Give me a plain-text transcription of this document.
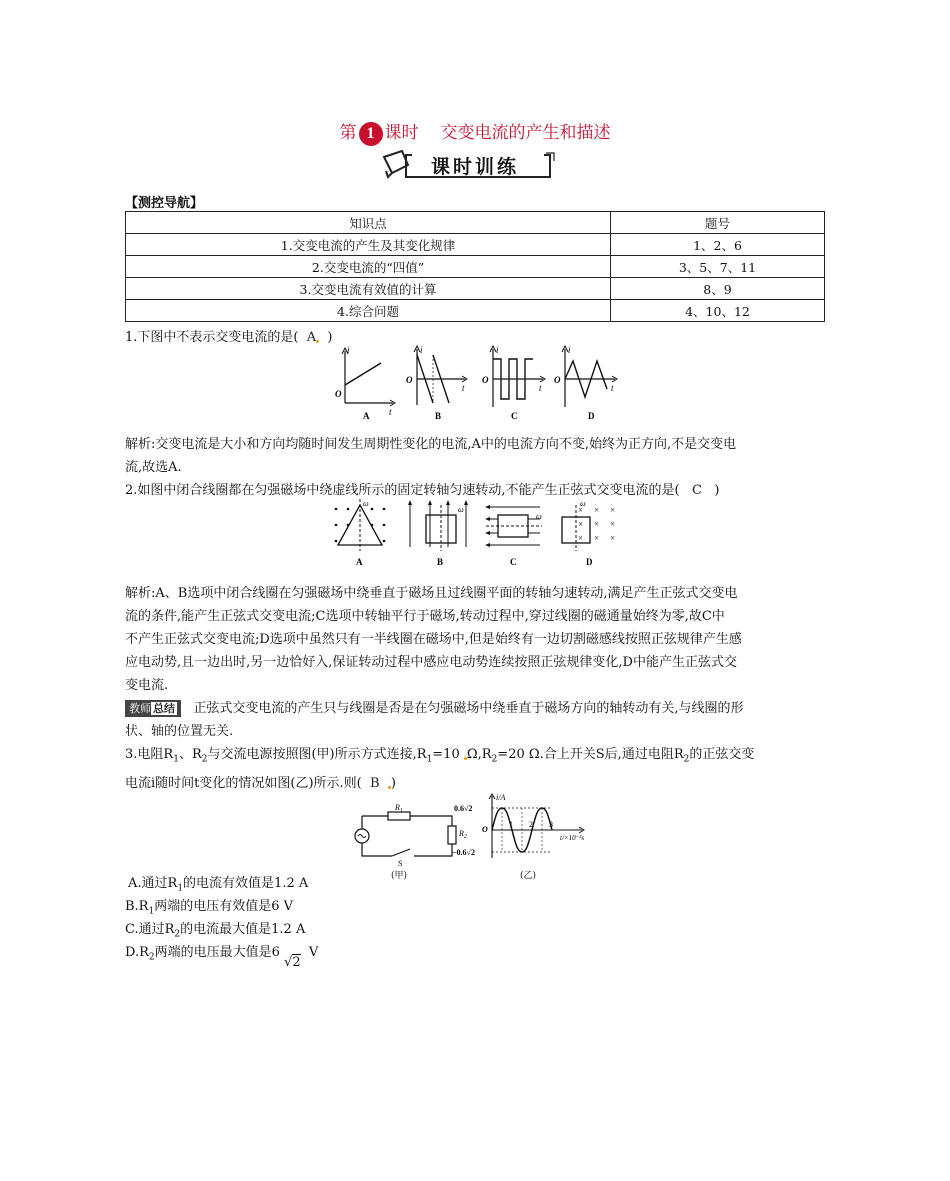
第 1 课时 交变电流的产生和描述
课时训练
【测控导航】
知识点	题号
1.交变电流的产生及其变化规律	1、2、6
2.交变电流的“四值”	3、5、7、11
3.交变电流有效值的计算	8、9
4.综合问题	4、10、12
1.下图中不表示交变电流的是( A )
i
O
t
A
i
O
t
B
i
O
t
C
i
O
t
D
解析:交变电流是大小和方向均随时间发生周期性变化的电流,A中的电流方向不变,始终为正方向,不是交变电
流,故选A.
2.如图中闭合线圈都在匀强磁场中绕虚线所示的固定转轴匀速转动,不能产生正弦式交变电流的是( C )
ω
A
ω
B
ω
C
× × ×
× × ×
× × ×
ω
D
解析:A、B选项中闭合线圈在匀强磁场中绕垂直于磁场且过线圈平面的转轴匀速转动,满足产生正弦式交变电
流的条件,能产生正弦式交变电流;C选项中转轴平行于磁场,转动过程中,穿过线圈的磁通量始终为零,故C中
不产生正弦式交变电流;D选项中虽然只有一半线圈在磁场中,但是始终有一边切割磁感线按照正弦规律产生感
应电动势,且一边出时,另一边恰好入,保证转动过程中感应电动势连续按照正弦规律变化,D中能产生正弦式交
变电流.
教师 总结 正弦式交变电流的产生只与线圈是否是在匀强磁场中绕垂直于磁场方向的轴转动有关,与线圈的形
状、轴的位置无关.
3.电阻$R_1$、$R_2$与交流电源按照图(甲)所示方式连接$,R_1=10$ $\Omega,R_2=20$ Ω.合上开关S后,通过电阻$R_2$的正弦交变
电流i随时间t变化的情况如图(乙)所示.则( B )
$R_1$
$R_2$
S
(甲)
i/A
0.6√2
−0.6√2
O
1 2 3
t/×10⁻²s
(乙)
A.通过$R_1$的电流有效值是1.2 A
$B.R_1$两端的电压有效值是6 V
C.通过$R_2$的电流最大值是1.2 A
$D.R_2$两端的电压最大值是6 √2  V
